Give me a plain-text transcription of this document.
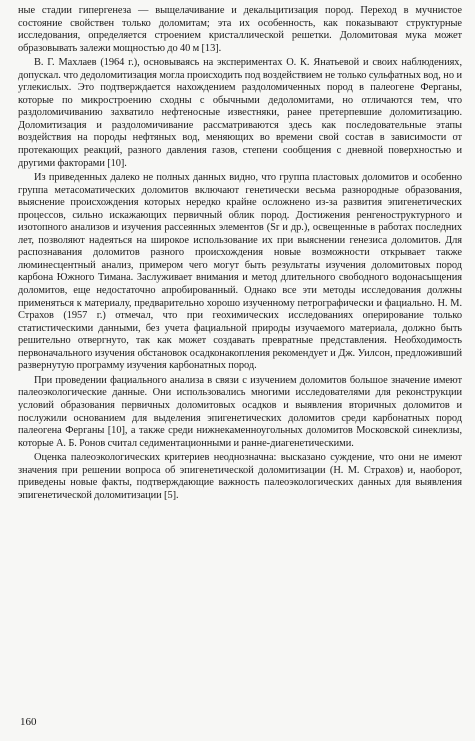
ные стадии гипергенеза — выщелачивание и декальцитизация пород. Переход в мучнистое состояние свойствен только доломитам; эта их особенность, как показывают структурные исследования, определяется строением кристаллической решетки. Доломитовая мука может образовывать залежи мощностью до 40 м [13].

В. Г. Махлаев (1964 г.), основываясь на экспериментах О. К. Янатьевой и своих наблюдениях, допускал. что дедоломитизация могла происходить под воздействием не только сульфатных вод, но и углекислых. Это подтверждается нахождением раздоломиченных пород в палеогене Ферганы, которые по микростроению сходны с обычными дедоломитами, но отличаются тем, что раздоломичиванию захватило нефтеносные известняки, ранее претерпевшие доломитизацию. Доломитизация и раздоломичивание рассматриваются здесь как последовательные этапы воздействия на породы нефтяных вод, меняющих во времени свой состав в зависимости от протекающих реакций, разного давления газов, степени сообщения с дневной поверхностью и другими факторами [10].

Из приведенных далеко не полных данных видно, что группа пластовых доломитов и особенно группа метасоматических доломитов включают генетически весьма разнородные образования, выяснение происхождения которых нередко крайне осложнено из-за развития эпигенетических процессов, сильно искажающих первичный облик пород. Достижения ренгеноструктурного и изотопного анализов и изучения рассеянных элементов (Sr и др.), освещенные в работах последних лет, позволяют надеяться на широкое использование их при выяснении генезиса доломитов. Для распознавания доломитов разного происхождения новые возможности открывает также люминесцентный анализ, примером чего могут быть результаты изучения доломитовых пород карбона Южного Тимана. Заслуживает внимания и метод длительного свободного водонасыщения доломитов, еще недостаточно апробированный. Однако все эти методы исследования должны применяться к материалу, предварительно хорошо изученному петрографически и фациально. Н. М. Страхов (1957 г.) отмечал, что при геохимических исследованиях оперирование только статистическими данными, без учета фациальной природы изучаемого материала, должно быть решительно отвергнуто, так как может создавать превратные представления. Необходимость первоначального изучения обстановок осадконакопления рекомендует и Дж. Уилсон, предложивший развернутую программу изучения карбонатных пород.

При проведении фациального анализа в связи с изучением доломитов большое значение имеют палеоэкологические данные. Они использовались многими исследователями для реконструкции условий образования первичных доломитовых осадков и выявления вторичных доломитов и послужили основанием для выделения эпигенетических доломитов среди карбонатных пород палеогена Ферганы [10], а также среди нижнекаменноугольных доломитов Московской синеклизы, которые А. Б. Ронов считал седиментационными и ранне-диагенетическими.

Оценка палеоэкологических критериев неоднозначна: высказано суждение, что они не имеют значения при решении вопроса об эпигенетической доломитизации (Н. М. Страхов) и, наоборот, приведены новые факты, подтверждающие важность палеоэкологических данных для выявления эпигенетической доломитизации [5].

160
